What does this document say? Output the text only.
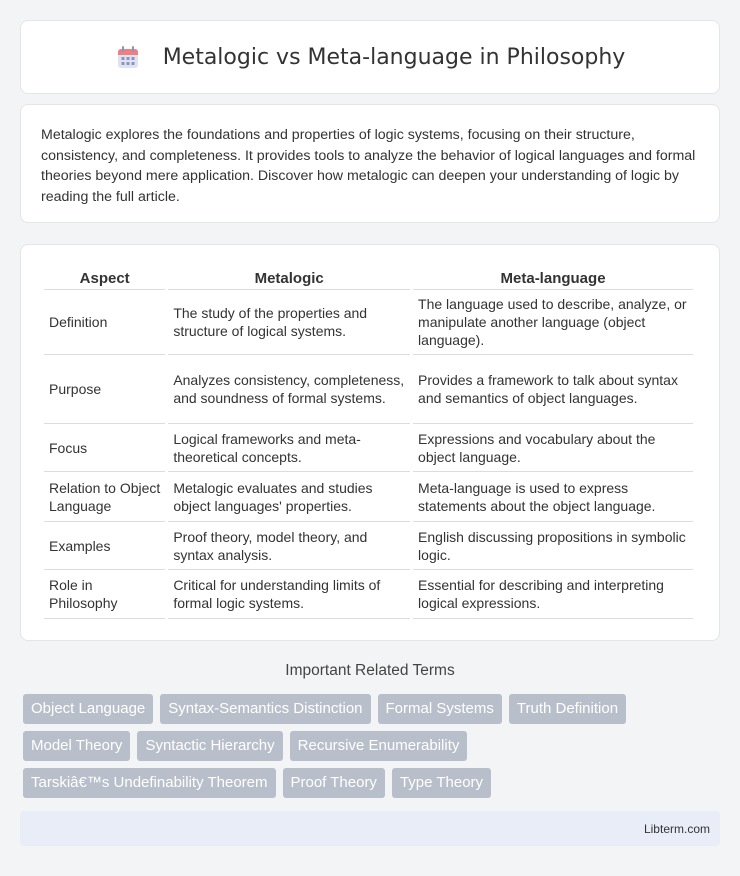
Metalogic vs Meta-language in Philosophy

Metalogic explores the foundations and properties of logic systems, focusing on their structure, consistency, and completeness. It provides tools to analyze the behavior of logical languages and formal theories beyond mere application. Discover how metalogic can deepen your understanding of logic by reading the full article.

Aspect	Metalogic	Meta-language
Definition	The study of the properties and structure of logical systems.	The language used to describe, analyze, or manipulate another language (object language).
Purpose	Analyzes consistency, completeness, and soundness of formal systems.	Provides a framework to talk about syntax and semantics of object languages.
Focus	Logical frameworks and meta-theoretical concepts.	Expressions and vocabulary about the object language.
Relation to Object Language	Metalogic evaluates and studies object languages' properties.	Meta-language is used to express statements about the object language.
Examples	Proof theory, model theory, and syntax analysis.	English discussing propositions in symbolic logic.
Role in Philosophy	Critical for understanding limits of formal logic systems.	Essential for describing and interpreting logical expressions.
Important Related Terms
Object Language	Syntax-Semantics Distinction	Formal Systems	Truth Definition
Model Theory	Syntactic Hierarchy	Recursive Enumerability
Tarskiâ€™s Undefinability Theorem	Proof Theory	Type Theory
Libterm.com
